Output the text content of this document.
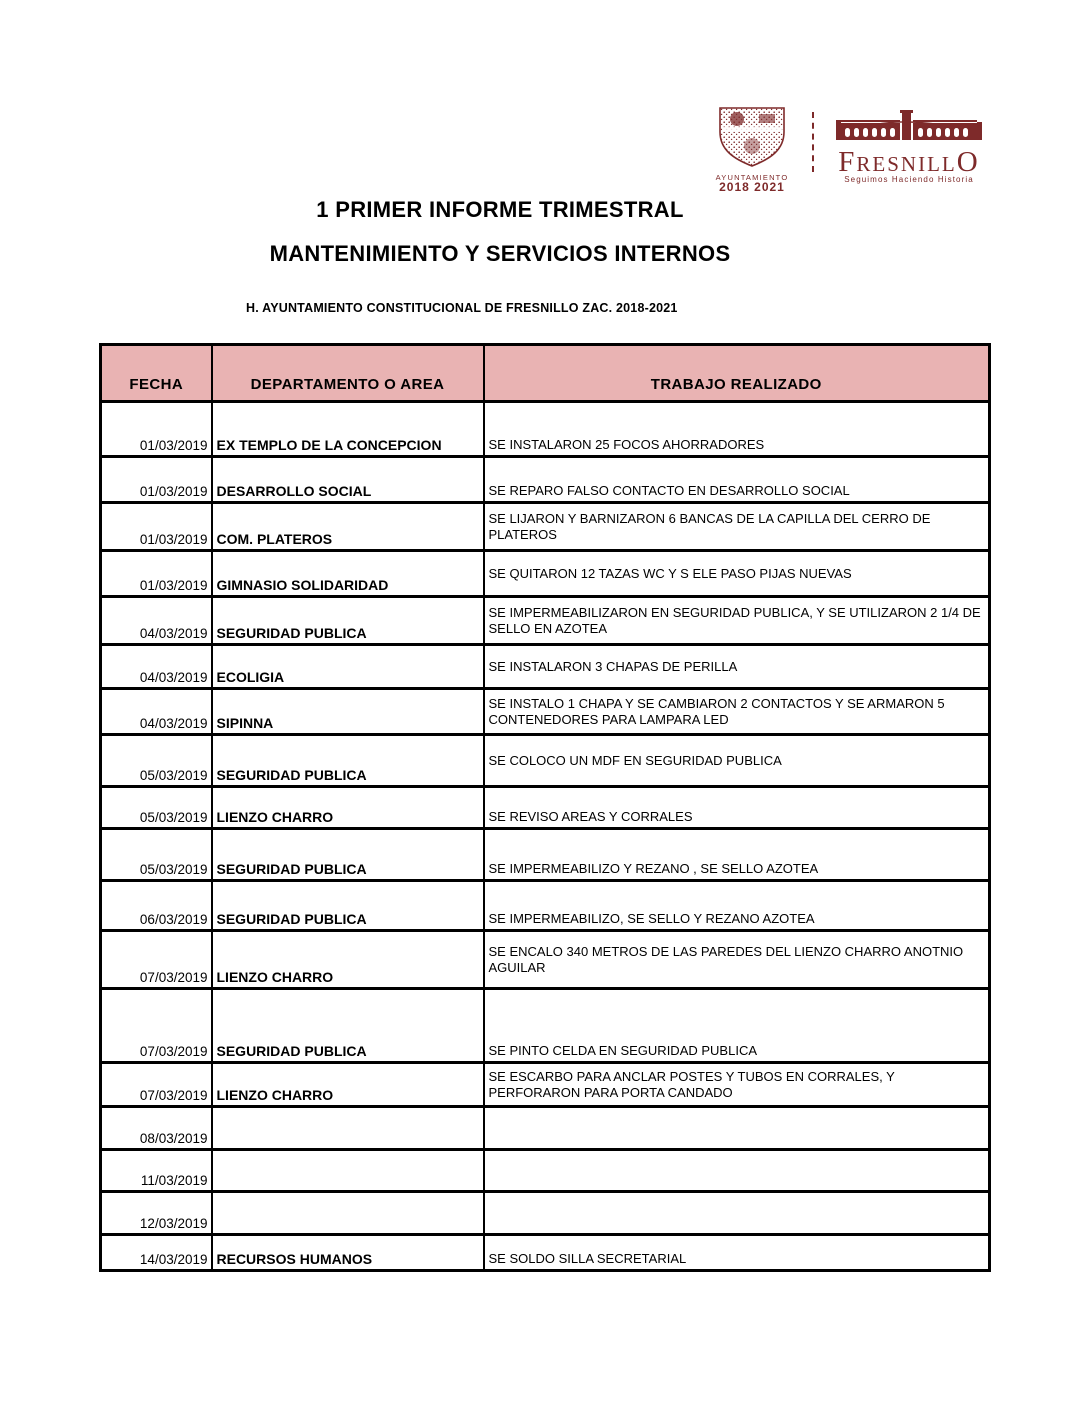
AYUNTAMIENTO
2018 2021
FRESNILLO
Seguimos Haciendo Historia
1 PRIMER INFORME TRIMESTRAL
MANTENIMIENTO Y SERVICIOS INTERNOS
H. AYUNTAMIENTO CONSTITUCIONAL DE FRESNILLO ZAC. 2018-2021
FECHA	DEPARTAMENTO O AREA	TRABAJO REALIZADO
01/03/2019	EX TEMPLO DE LA CONCEPCION	SE INSTALARON 25 FOCOS AHORRADORES
01/03/2019	DESARROLLO SOCIAL	SE REPARO FALSO CONTACTO EN DESARROLLO SOCIAL
01/03/2019	COM. PLATEROS	SE LIJARON Y BARNIZARON 6 BANCAS DE LA CAPILLA DEL CERRO DE PLATEROS
01/03/2019	GIMNASIO SOLIDARIDAD	SE QUITARON 12 TAZAS WC Y S ELE PASO PIJAS NUEVAS
04/03/2019	SEGURIDAD PUBLICA	SE IMPERMEABILIZARON EN SEGURIDAD PUBLICA, Y SE UTILIZARON 2 1/4 DE SELLO EN AZOTEA
04/03/2019	ECOLIGIA	SE INSTALARON 3 CHAPAS DE PERILLA
04/03/2019	SIPINNA	SE INSTALO 1 CHAPA Y SE CAMBIARON 2 CONTACTOS Y SE ARMARON 5 CONTENEDORES PARA LAMPARA LED
05/03/2019	SEGURIDAD PUBLICA	SE COLOCO UN MDF EN SEGURIDAD PUBLICA
05/03/2019	LIENZO CHARRO	SE REVISO AREAS Y CORRALES
05/03/2019	SEGURIDAD PUBLICA	SE IMPERMEABILIZO Y REZANO , SE SELLO AZOTEA
06/03/2019	SEGURIDAD PUBLICA	SE IMPERMEABILIZO, SE SELLO Y REZANO AZOTEA
07/03/2019	LIENZO CHARRO	SE ENCALO 340 METROS DE LAS PAREDES DEL LIENZO CHARRO ANOTNIO AGUILAR
07/03/2019	SEGURIDAD PUBLICA	SE PINTO CELDA EN SEGURIDAD PUBLICA
07/03/2019	LIENZO CHARRO	SE ESCARBO PARA ANCLAR POSTES Y TUBOS EN CORRALES, Y PERFORARON PARA PORTA CANDADO
08/03/2019		
11/03/2019		
12/03/2019		
14/03/2019	RECURSOS HUMANOS	SE SOLDO SILLA SECRETARIAL
